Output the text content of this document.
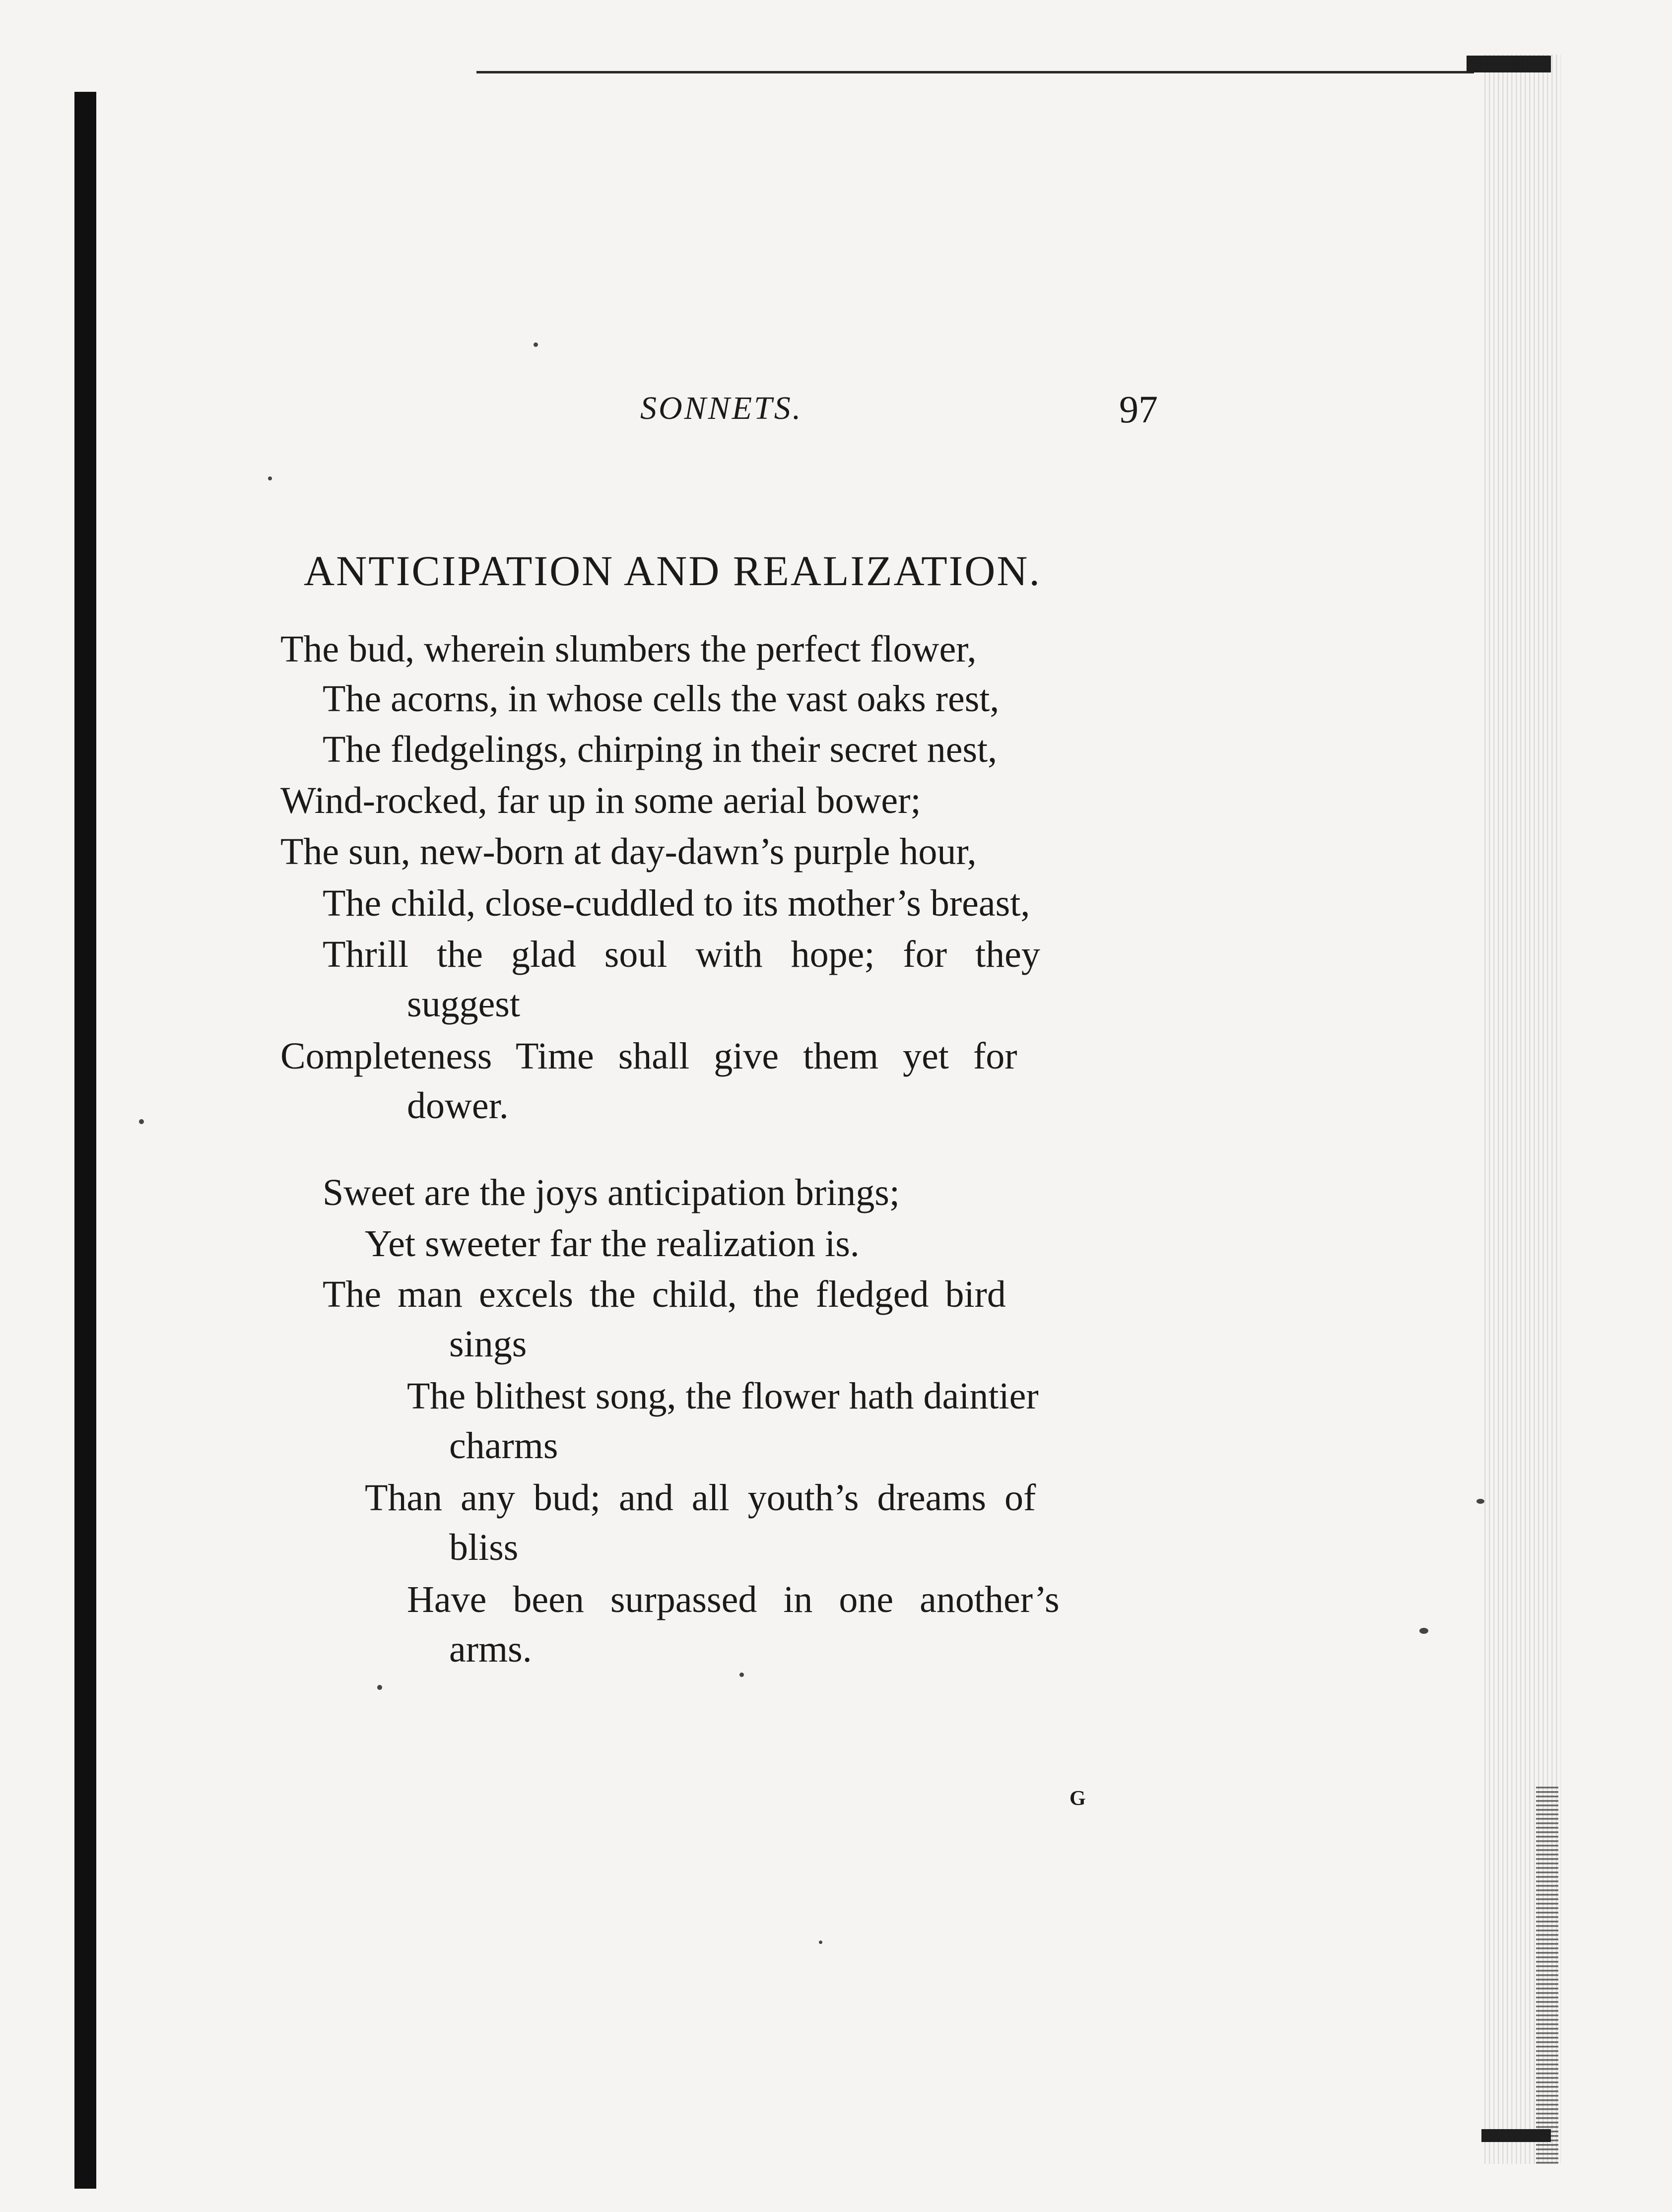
SONNETS.	97
ANTICIPATION AND REALIZATION.
The bud, wherein slumbers the perfect flower,
The acorns, in whose cells the vast oaks rest,
The fledgelings, chirping in their secret nest,
Wind-rocked, far up in some aerial bower;
The sun, new-born at day-dawn’s purple hour,
The child, close-cuddled to its mother’s breast,
Thrill the glad soul with hope; for they
suggest
Completeness Time shall give them yet for
dower.
Sweet are the joys anticipation brings;
Yet sweeter far the realization is.
The man excels the child, the fledged bird
sings
The blithest song, the flower hath daintier
charms
Than any bud; and all youth’s dreams of
bliss
Have been surpassed in one another’s
arms.
G
